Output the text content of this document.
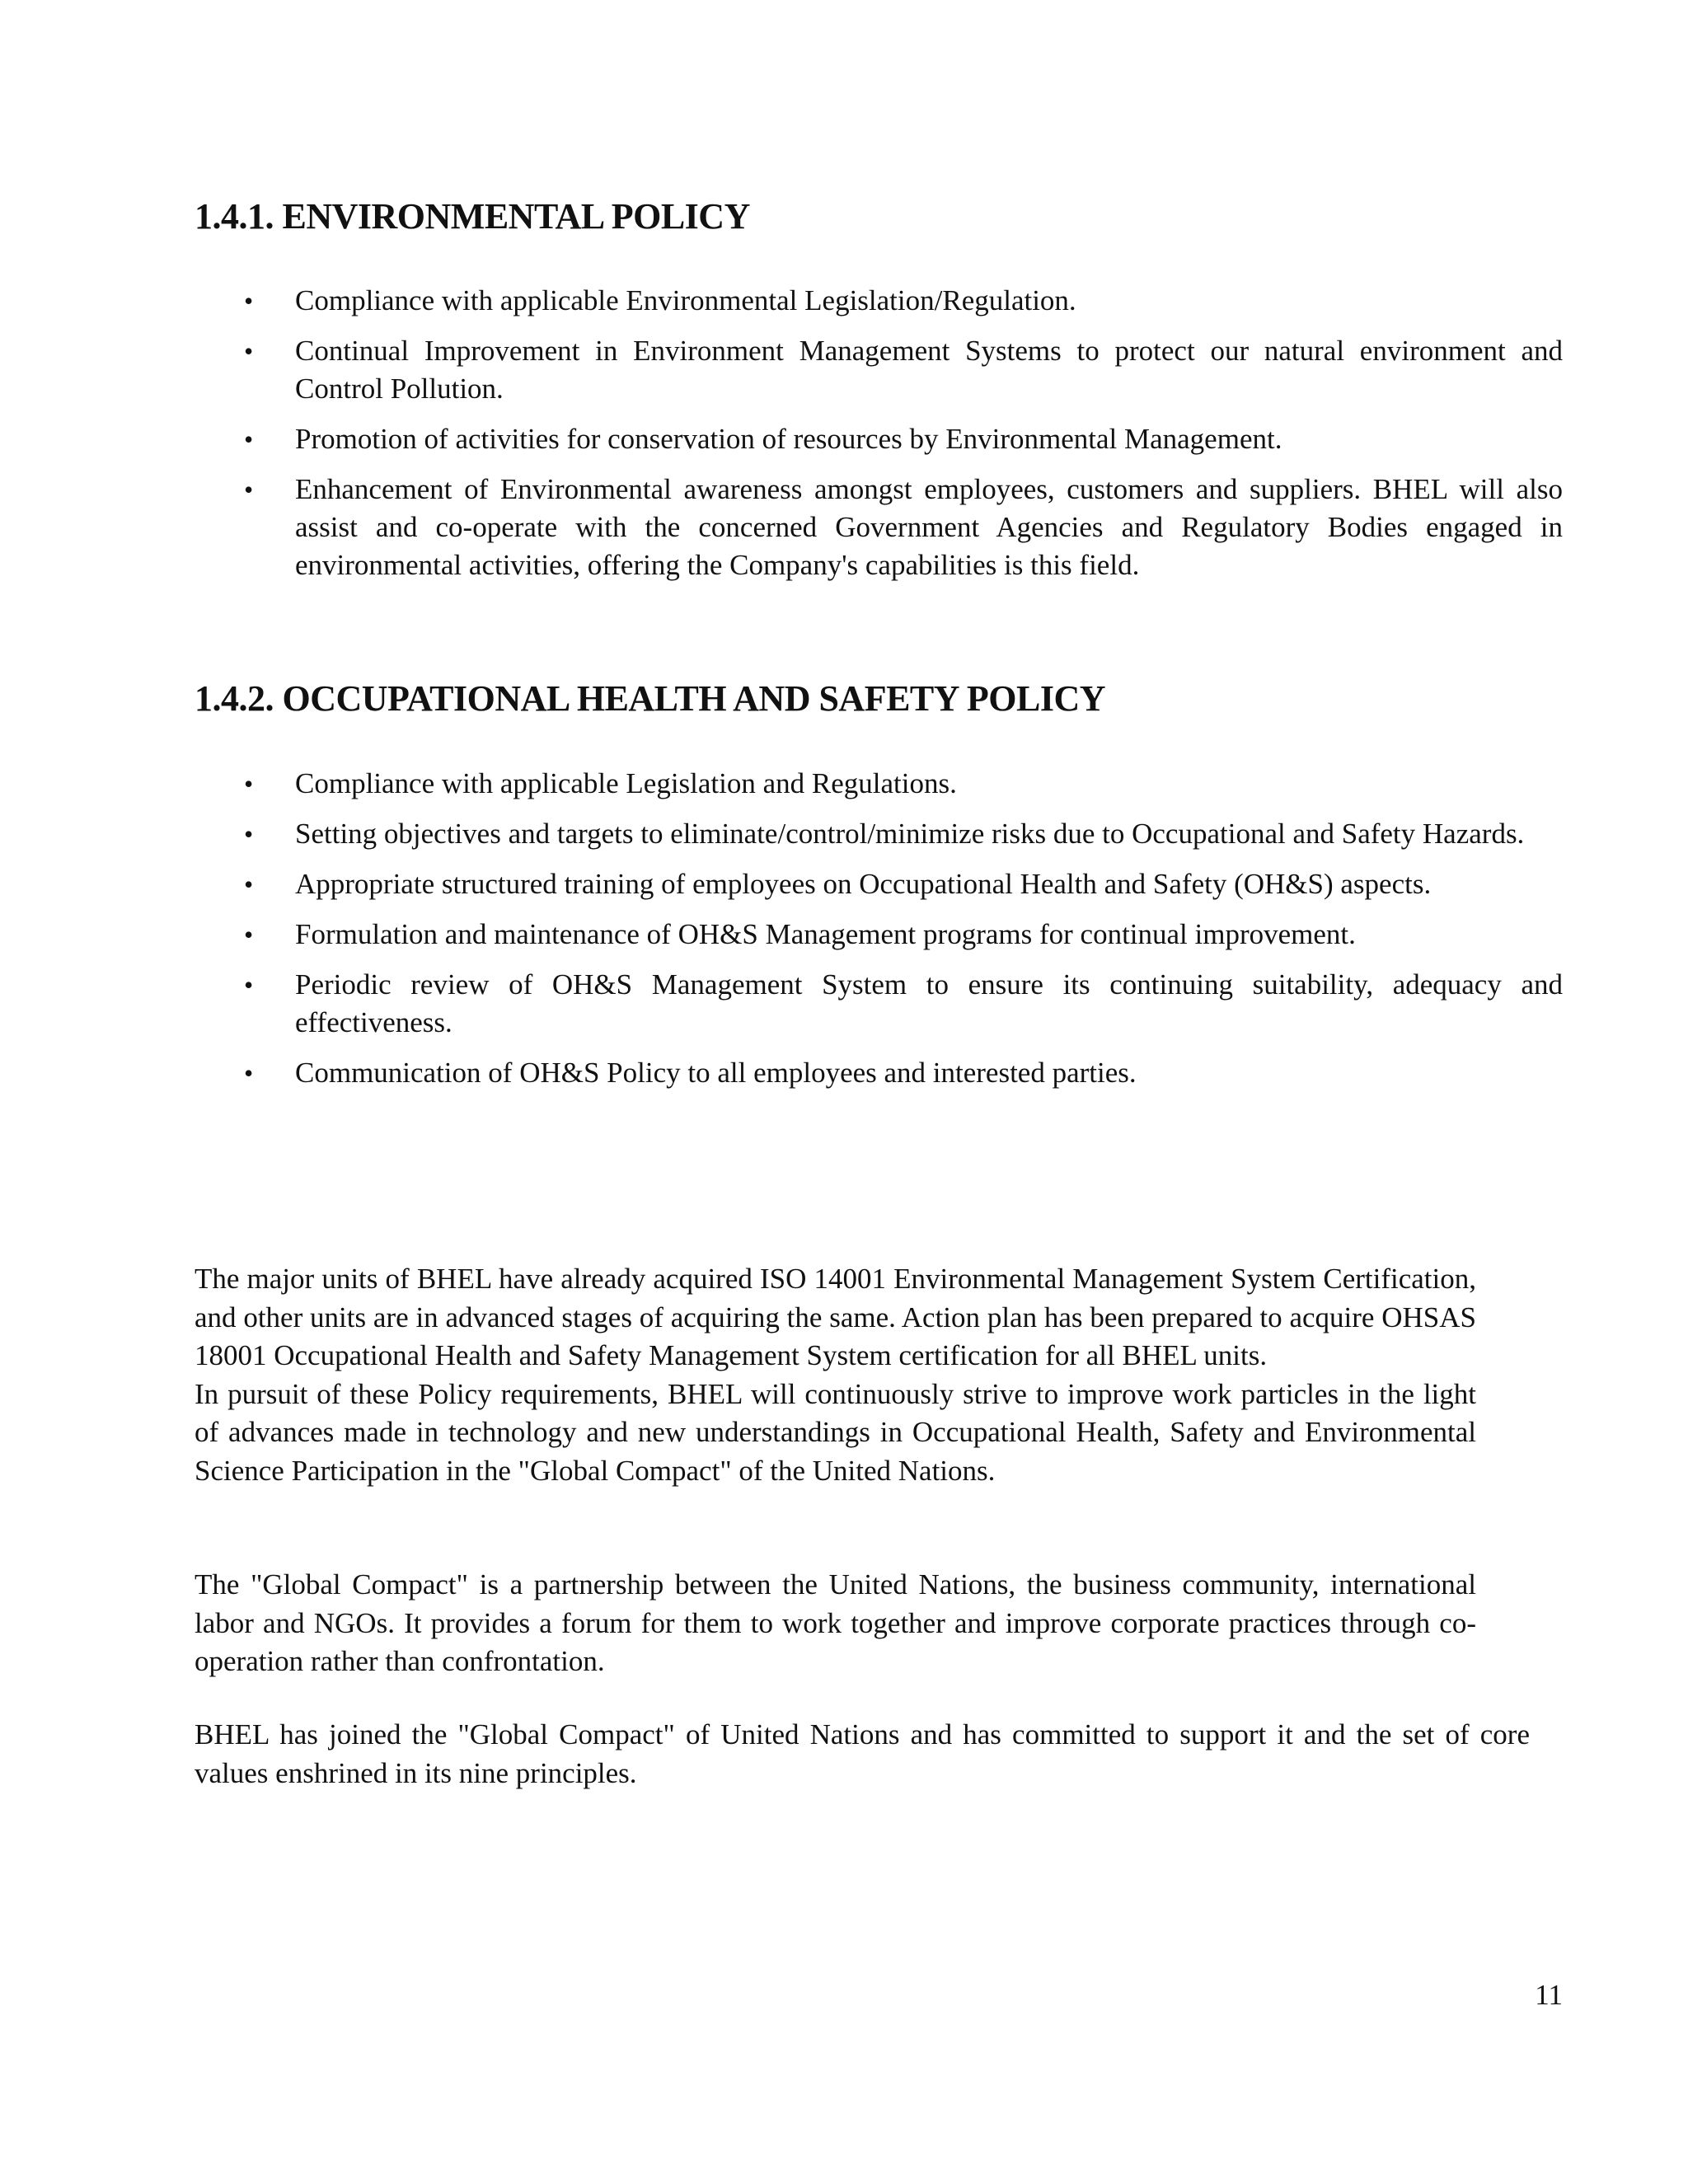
1.4.1. ENVIRONMENTAL POLICY
• Compliance with applicable Environmental Legislation/Regulation.
• Continual Improvement in Environment Management Systems to protect our natural environment and Control Pollution.
• Promotion of activities for conservation of resources by Environmental Management.
• Enhancement of Environmental awareness amongst employees, customers and suppliers. BHEL will also assist and co-operate with the concerned Government Agencies and Regulatory Bodies engaged in environmental activities, offering the Company's capabilities is this field.
1.4.2. OCCUPATIONAL HEALTH AND SAFETY POLICY
• Compliance with applicable Legislation and Regulations.
• Setting objectives and targets to eliminate/control/minimize risks due to Occupational and Safety Hazards.
• Appropriate structured training of employees on Occupational Health and Safety (OH&S) aspects.
• Formulation and maintenance of OH&S Management programs for continual improvement.
• Periodic review of OH&S Management System to ensure its continuing suitability, adequacy and effectiveness.
• Communication of OH&S Policy to all employees and interested parties.
The major units of BHEL have already acquired ISO 14001 Environmental Management System Certification, and other units are in advanced stages of acquiring the same. Action plan has been prepared to acquire OHSAS 18001 Occupational Health and Safety Management System certification for all BHEL units.
In pursuit of these Policy requirements, BHEL will continuously strive to improve work particles in the light of advances made in technology and new understandings in Occupational Health, Safety and Environmental Science Participation in the "Global Compact" of the United Nations.
The "Global Compact" is a partnership between the United Nations, the business community, international labor and NGOs. It provides a forum for them to work together and improve corporate practices through co-operation rather than confrontation.
BHEL has joined the "Global Compact" of United Nations and has committed to support it and the set of core values enshrined in its nine principles.
11
